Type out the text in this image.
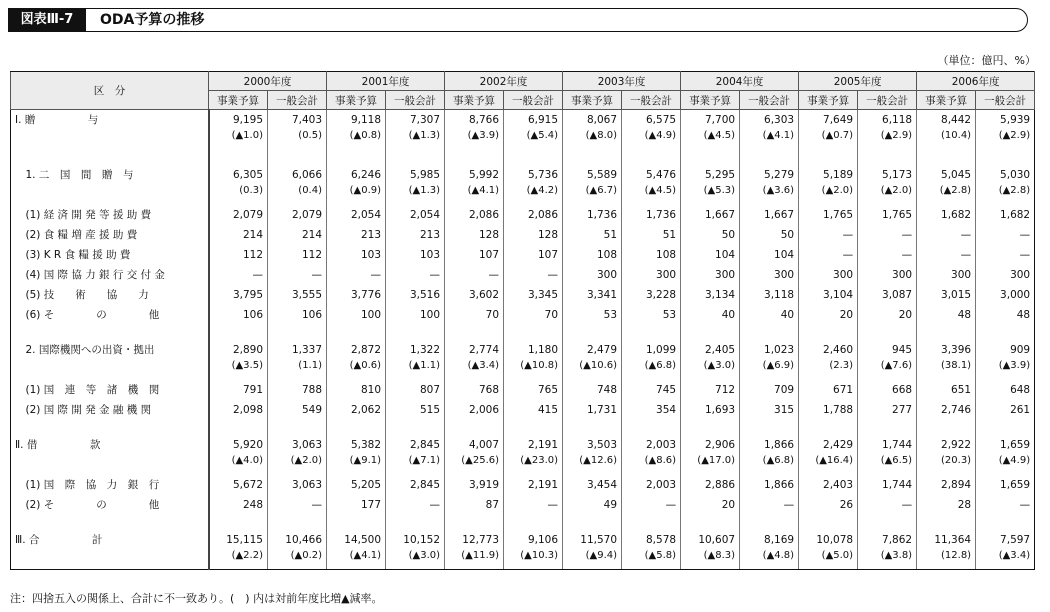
図表Ⅲ-7	ODA予算の推移
（単位：億円、%）
区　分	2000年度		2001年度		2002年度		2003年度		2004年度		2005年度		2006年度	
	事業予算	一般会計	事業予算	一般会計	事業予算	一般会計	事業予算	一般会計	事業予算	一般会計	事業予算	一般会計	事業予算	一般会計
Ⅰ. 贈　　　　　与	9,195	7,403	9,118	7,307	8,766	6,915	8,067	6,575	7,700	6,303	7,649	6,118	8,442	5,939
	(▲1.0)	(0.5)	(▲0.8)	(▲1.3)	(▲3.9)	(▲5.4)	(▲8.0)	(▲4.9)	(▲4.5)	(▲4.1)	(▲0.7)	(▲2.9)	(10.4)	(▲2.9)

　1. 二　国　間　贈　与	6,305	6,066	6,246	5,985	5,992	5,736	5,589	5,476	5,295	5,279	5,189	5,173	5,045	5,030
	(0.3)	(0.4)	(▲0.9)	(▲1.3)	(▲4.1)	(▲4.2)	(▲6.7)	(▲4.5)	(▲5.3)	(▲3.6)	(▲2.0)	(▲2.0)	(▲2.8)	(▲2.8)
　(1) 経 済 開 発 等 援 助 費	2,079	2,079	2,054	2,054	2,086	2,086	1,736	1,736	1,667	1,667	1,765	1,765	1,682	1,682
　(2) 食 糧 増 産 援 助 費	214	214	213	213	128	128	51	51	50	50	—	—	—	—
　(3) K R 食 糧 援 助 費	112	112	103	103	107	107	108	108	104	104	—	—	—	—
　(4) 国 際 協 力 銀 行 交 付 金	—	—	—	—	—	—	300	300	300	300	300	300	300	300
　(5) 技　　術　　協　　力	3,795	3,555	3,776	3,516	3,602	3,345	3,341	3,228	3,134	3,118	3,104	3,087	3,015	3,000
　(6) そ　　　　の　　　　他	106	106	100	100	70	70	53	53	40	40	20	20	48	48

　2. 国際機関への出資・拠出	2,890	1,337	2,872	1,322	2,774	1,180	2,479	1,099	2,405	1,023	2,460	945	3,396	909
	(▲3.5)	(1.1)	(▲0.6)	(▲1.1)	(▲3.4)	(▲10.8)	(▲10.6)	(▲6.8)	(▲3.0)	(▲6.9)	(2.3)	(▲7.6)	(38.1)	(▲3.9)
　(1) 国　連　等　諸　機　関	791	788	810	807	768	765	748	745	712	709	671	668	651	648
　(2) 国 際 開 発 金 融 機 関	2,098	549	2,062	515	2,006	415	1,731	354	1,693	315	1,788	277	2,746	261

Ⅱ. 借　　　　　款	5,920	3,063	5,382	2,845	4,007	2,191	3,503	2,003	2,906	1,866	2,429	1,744	2,922	1,659
	(▲4.0)	(▲2.0)	(▲9.1)	(▲7.1)	(▲25.6)	(▲23.0)	(▲12.6)	(▲8.6)	(▲17.0)	(▲6.8)	(▲16.4)	(▲6.5)	(20.3)	(▲4.9)
　(1) 国　際　協　力　銀　行	5,672	3,063	5,205	2,845	3,919	2,191	3,454	2,003	2,886	1,866	2,403	1,744	2,894	1,659
　(2) そ　　　　の　　　　他	248	—	177	—	87	—	49	—	20	—	26	—	28	—

Ⅲ. 合　　　　　計	15,115	10,466	14,500	10,152	12,773	9,106	11,570	8,578	10,607	8,169	10,078	7,862	11,364	7,597
	(▲2.2)	(▲0.2)	(▲4.1)	(▲3.0)	(▲11.9)	(▲10.3)	(▲9.4)	(▲5.8)	(▲8.3)	(▲4.8)	(▲5.0)	(▲3.8)	(12.8)	(▲3.4)
注：四捨五入の関係上、合計に不一致あり。(　) 内は対前年度比増▲減率。
